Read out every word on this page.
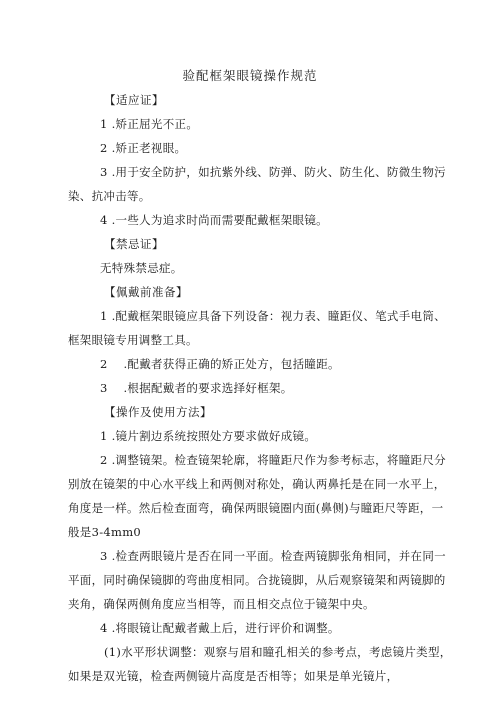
验配框架眼镜操作规范
【适应证】
1 .矫正屈光不正。
2 .矫正老视眼。
3 .用于安全防护，如抗紫外线、防弹、防火、防生化、防微生物污
染、抗冲击等。
4 .一些人为追求时尚而需要配戴框架眼镜。
【禁忌证】
无特殊禁忌症。
【佩戴前准备】
1 .配戴框架眼镜应具备下列设备：视力表、瞳距仪、笔式手电筒、
框架眼镜专用调整工具。
2    .配戴者获得正确的矫正处方，包括瞳距。
3    .根据配戴者的要求选择好框架。
【操作及使用方法】
1 .镜片割边系统按照处方要求做好成镜。
2 .调整镜架。检查镜架轮廓，将瞳距尺作为参考标志，将瞳距尺分
别放在镜架的中心水平线上和两侧对称处，确认两鼻托是在同一水平上，
角度是一样。然后检查面弯，确保两眼镜圈内面(鼻侧)与瞳距尺等距，一
般是3-4mm0
3 .检查两眼镜片是否在同一平面。检查两镜脚张角相同，并在同一
平面，同时确保镜脚的弯曲度相同。合拢镜脚，从后观察镜架和两镜脚的
夹角，确保两侧角度应当相等，而且相交点位于镜架中央。
4 .将眼镜让配戴者戴上后，进行评价和调整。
(1)水平形状调整：观察与眉和瞳孔相关的参考点，考虑镜片类型，
如果是双光镜，检查两侧镜片高度是否相等；如果是单光镜片，
